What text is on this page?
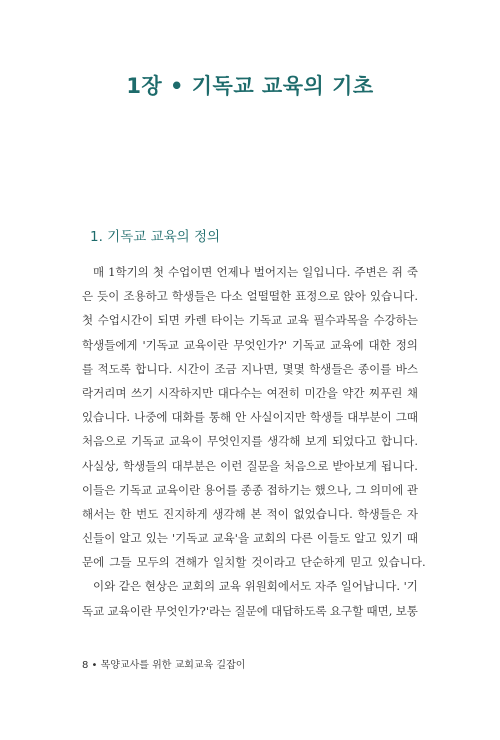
1장 • 기독교 교육의 기초
1. 기독교 교육의 정의
매 1학기의 첫 수업이면 언제나 벌어지는 일입니다. 주변은 쥐 죽
은 듯이 조용하고 학생들은 다소 얼떨떨한 표정으로 앉아 있습니다.
첫 수업시간이 되면 카렌 타이는 기독교 교육 필수과목을 수강하는
학생들에게 '기독교 교육이란 무엇인가?' 기독교 교육에 대한 정의
를 적도록 합니다. 시간이 조금 지나면, 몇몇 학생들은 종이를 바스
락거리며 쓰기 시작하지만 대다수는 여전히 미간을 약간 찌푸린 채
있습니다. 나중에 대화를 통해 안 사실이지만 학생들 대부분이 그때
처음으로 기독교 교육이 무엇인지를 생각해 보게 되었다고 합니다.
사실상, 학생들의 대부분은 이런 질문을 처음으로 받아보게 됩니다.
이들은 기독교 교육이란 용어를 종종 접하기는 했으나, 그 의미에 관
해서는 한 번도 진지하게 생각해 본 적이 없었습니다. 학생들은 자
신들이 알고 있는 '기독교 교육'을 교회의 다른 이들도 알고 있기 때
문에 그들 모두의 견해가 일치할 것이라고 단순하게 믿고 있습니다.
이와 같은 현상은 교회의 교육 위원회에서도 자주 일어납니다. '기
독교 교육이란 무엇인가?'라는 질문에 대답하도록 요구할 때면, 보통
8 • 목양교사를 위한 교회교육 길잡이
